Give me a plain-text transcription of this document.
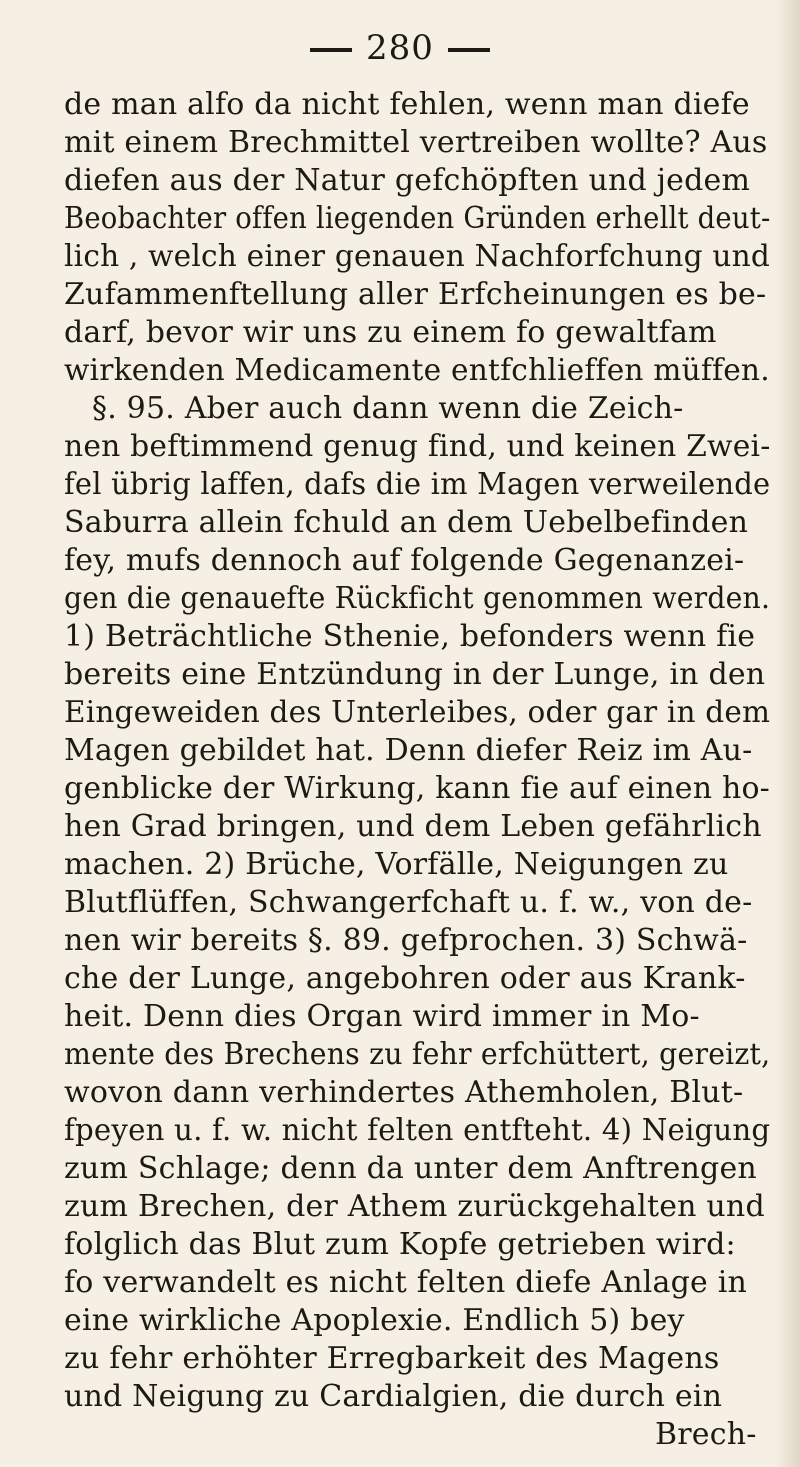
280
de man alfo da nicht fehlen, wenn man diefe
mit einem Brechmittel vertreiben wollte? Aus
diefen aus der Natur gefchöpften und jedem
Beobachter offen liegenden Gründen erhellt deut-
lich , welch einer genauen Nachforfchung und
Zufammenftellung aller Erfcheinungen es be-
darf, bevor wir uns zu einem fo gewaltfam
wirkenden Medicamente entfchlieffen müffen.
§. 95. Aber auch dann wenn die Zeich-
nen beftimmend genug find, und keinen Zwei-
fel übrig laffen, dafs die im Magen verweilende
Saburra allein fchuld an dem Uebelbefinden
fey, mufs dennoch auf folgende Gegenanzei-
gen die genauefte Rückficht genommen werden.
1) Beträchtliche Sthenie, befonders wenn fie
bereits eine Entzündung in der Lunge, in den
Eingeweiden des Unterleibes, oder gar in dem
Magen gebildet hat. Denn diefer Reiz im Au-
genblicke der Wirkung, kann fie auf einen ho-
hen Grad bringen, und dem Leben gefährlich
machen. 2) Brüche, Vorfälle, Neigungen zu
Blutflüffen, Schwangerfchaft u. f. w., von de-
nen wir bereits §. 89. gefprochen. 3) Schwä-
che der Lunge, angebohren oder aus Krank-
heit. Denn dies Organ wird immer in Mo-
mente des Brechens zu fehr erfchüttert, gereizt,
wovon dann verhindertes Athemholen, Blut-
fpeyen u. f. w. nicht felten entfteht. 4) Neigung
zum Schlage; denn da unter dem Anftrengen
zum Brechen, der Athem zurückgehalten und
folglich das Blut zum Kopfe getrieben wird:
fo verwandelt es nicht felten diefe Anlage in
eine wirkliche Apoplexie. Endlich 5) bey
zu fehr erhöhter Erregbarkeit des Magens
und Neigung zu Cardialgien, die durch ein
Brech-
